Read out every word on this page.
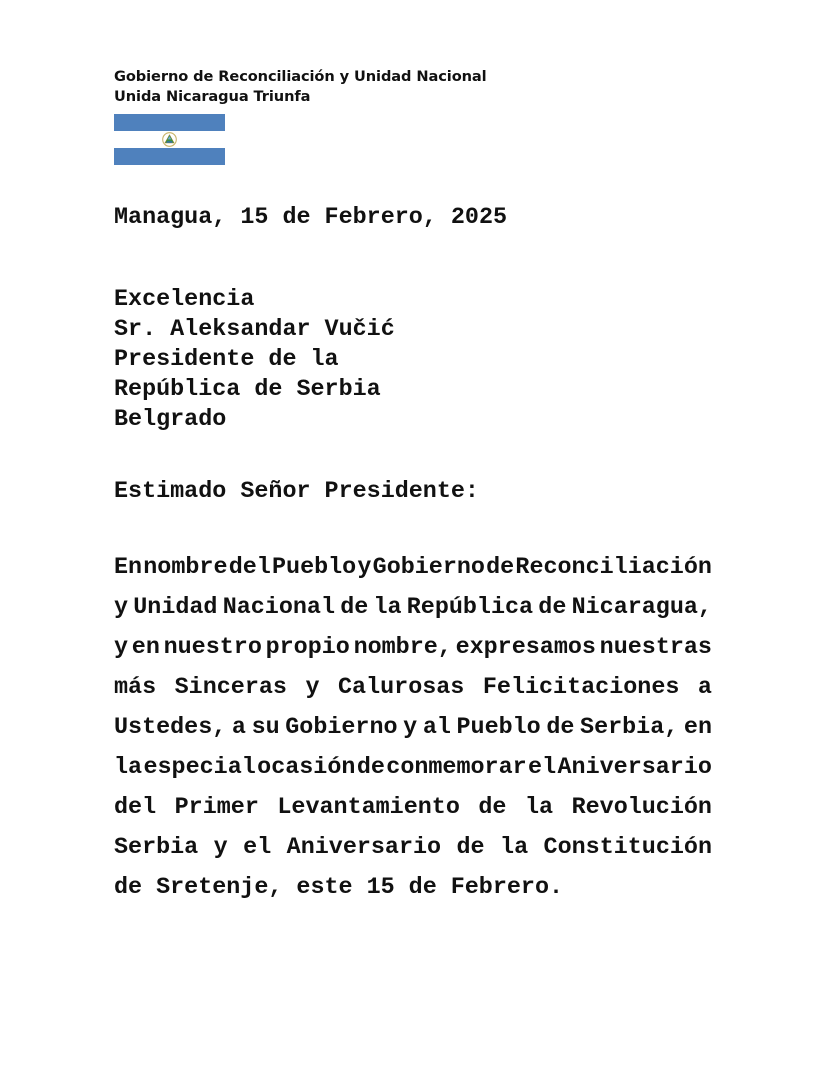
Gobierno de Reconciliación y Unidad Nacional
Unida Nicaragua Triunfa
Managua, 15 de Febrero, 2025
Excelencia
Sr. Aleksandar Vučić
Presidente de la
República de Serbia
Belgrado
Estimado Señor Presidente:
En nombre del Pueblo y Gobierno de Reconciliación
y Unidad Nacional de la República de Nicaragua,
y en nuestro propio nombre, expresamos nuestras
más Sinceras y Calurosas Felicitaciones a
Ustedes, a su Gobierno y al Pueblo de Serbia, en
la especial ocasión de conmemorar el Aniversario
del Primer Levantamiento de la Revolución
Serbia y el Aniversario de la Constitución
de Sretenje, este 15 de Febrero.
